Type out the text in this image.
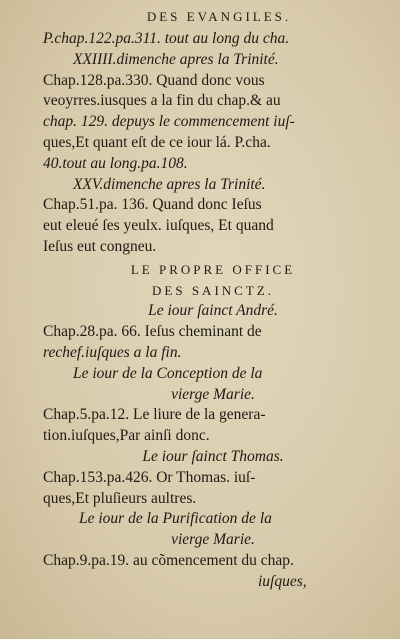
DES EVANGILES.
P.chap.122.pa.311. tout au long du cha.
XXIIII.dimenche apres la Trinité.
Chap.128.pa.330. Quand donc vous
veoyrres.iusques a la fin du chap.& au
chap. 129. depuys le commencement iuſ-
ques,Et quant eſt de ce iour lá. P.cha.
40.tout au long.pa.108.
XXV.dimenche apres la Trinité.
Chap.51.pa. 136. Quand donc Ieſus
eut eleué ſes yeulx. iuſques, Et quand
Ieſus eut congneu.
LE PROPRE OFFICE
DES SAINCTZ.
Le iour ſainct André.
Chap.28.pa. 66. Ieſus cheminant de
rechef.iuſques a la fin.
Le iour de la Conception de la
vierge Marie.
Chap.5.pa.12. Le liure de la genera-
tion.iuſques,Par ainſi donc.
Le iour ſainct Thomas.
Chap.153.pa.426. Or Thomas. iuſ-
ques,Et pluſieurs aultres.
Le iour de la Purification de la
vierge Marie.
Chap.9.pa.19. au cõmencement du chap.
iuſques,
